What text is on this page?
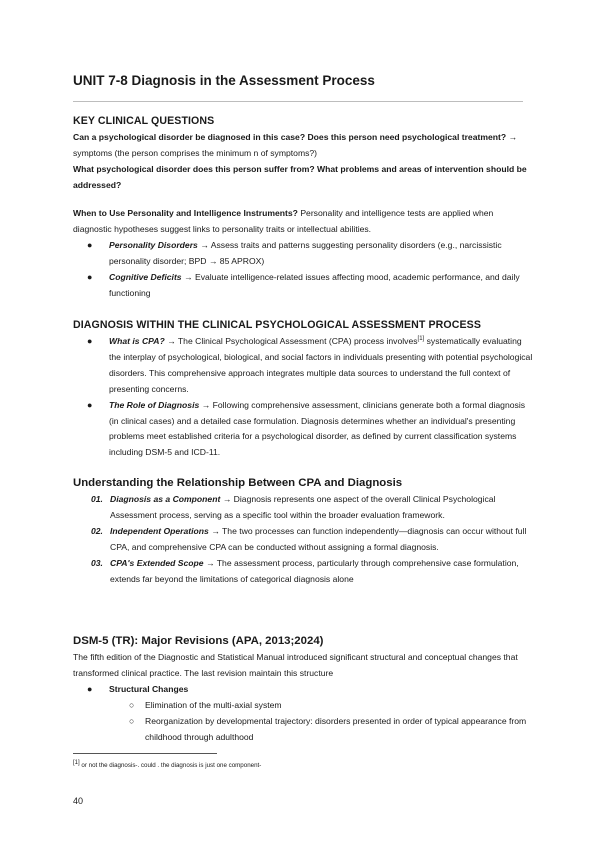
UNIT 7-8 Diagnosis in the Assessment Process
KEY CLINICAL QUESTIONS
Can a psychological disorder be diagnosed in this case? Does this person need psychological treatment? → symptoms (the person comprises the minimum n of symptoms?)
What psychological disorder does this person suffer from? What problems and areas of intervention should be addressed?
When to Use Personality and Intelligence Instruments? Personality and intelligence tests are applied when diagnostic hypotheses suggest links to personality traits or intellectual abilities.
● Personality Disorders → Assess traits and patterns suggesting personality disorders (e.g., narcissistic personality disorder; BPD → 85 APROX)
● Cognitive Deficits → Evaluate intelligence-related issues affecting mood, academic performance, and daily functioning
DIAGNOSIS WITHIN THE CLINICAL PSYCHOLOGICAL ASSESSMENT PROCESS
● What is CPA? → The Clinical Psychological Assessment (CPA) process involves[1] systematically evaluating the interplay of psychological, biological, and social factors in individuals presenting with potential psychological disorders. This comprehensive approach integrates multiple data sources to understand the full context of presenting concerns.
● The Role of Diagnosis → Following comprehensive assessment, clinicians generate both a formal diagnosis (in clinical cases) and a detailed case formulation. Diagnosis determines whether an individual's presenting problems meet established criteria for a psychological disorder, as defined by current classification systems including DSM-5 and ICD-11.
Understanding the Relationship Between CPA and Diagnosis
01. Diagnosis as a Component → Diagnosis represents one aspect of the overall Clinical Psychological Assessment process, serving as a specific tool within the broader evaluation framework.
02. Independent Operations → The two processes can function independently—diagnosis can occur without full CPA, and comprehensive CPA can be conducted without assigning a formal diagnosis.
03. CPA's Extended Scope → The assessment process, particularly through comprehensive case formulation, extends far beyond the limitations of categorical diagnosis alone
DSM-5 (TR): Major Revisions (APA, 2013;2024)
The fifth edition of the Diagnostic and Statistical Manual introduced significant structural and conceptual changes that transformed clinical practice. The last revision maintain this structure
● Structural Changes
○ Elimination of the multi-axial system
○ Reorganization by developmental trajectory: disorders presented in order of typical appearance from childhood through adulthood
[1] or not the diagnosis-. could . the diagnosis is just one component-
40
